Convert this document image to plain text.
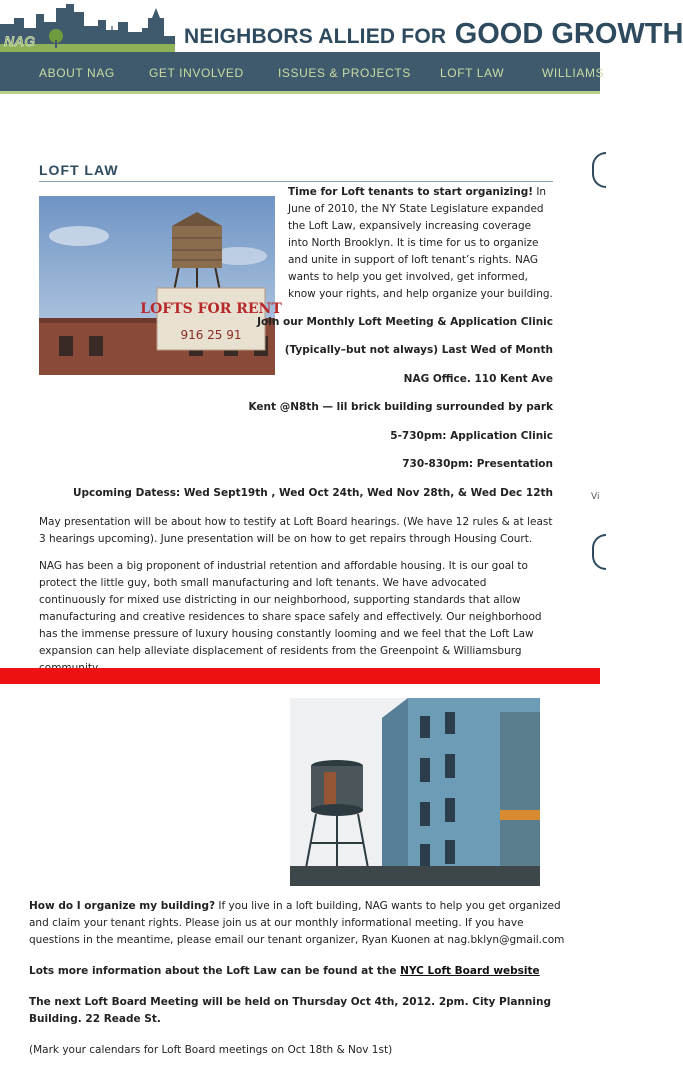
NAG	NEIGHBORS ALLIED FOR GOOD GROWTH
ABOUT NAG	GET INVOLVED	ISSUES & PROJECTS LOFT LAW	WILLIAMS
Vi
LOFT LAW
LOFTS FOR RENT
916 25 91

Time for Loft tenants to start organizing! In June of 2010, the NY State Legislature expanded the Loft Law, expansively increasing coverage into North Brooklyn. It is time for us to organize and unite in support of loft tenant’s rights. NAG wants to help you get involved, get informed, know your rights, and help organize your building.

Join our Monthly Loft Meeting & Application Clinic

(Typically–but not always) Last Wed of Month

NAG Office. 110 Kent Ave

Kent @N8th — lil brick building surrounded by park

5-730pm: Application Clinic

730-830pm: Presentation

Upcoming Datess: Wed Sept19th , Wed Oct 24th, Wed Nov 28th, & Wed Dec 12th

May presentation will be about how to testify at Loft Board hearings. (We have 12 rules & at least 3 hearings upcoming). June presentation will be on how to get repairs through Housing Court.

NAG has been a big proponent of industrial retention and affordable housing. It is our goal to protect the little guy, both small manufacturing and loft tenants. We have advocated continuously for mixed use districting in our neighborhood, supporting standards that allow manufacturing and creative residences to share space safely and effectively. Our neighborhood has the immense pressure of luxury housing constantly looming and we feel that the Loft Law expansion can help alleviate displacement of residents from the Greenpoint & Williamsburg

How do I organize my building? If you live in a loft building, NAG wants to help you get organized and claim your tenant rights. Please join us at our monthly informational meeting. If you have questions in the meantime, please email our tenant organizer, Ryan Kuonen at nag.bklyn@gmail.com

Lots more information about the Loft Law can be found at the NYC Loft Board website

The next Loft Board Meeting will be held on Thursday Oct 4th, 2012. 2pm. City Planning Building. 22 Reade St.

(Mark your calendars for Loft Board meetings on Oct 18th & Nov 1st)
